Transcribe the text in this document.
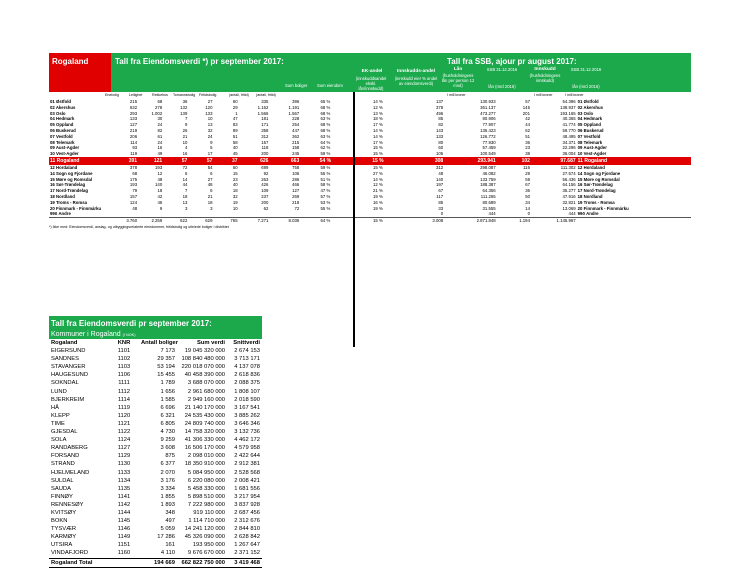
Rogaland	Tall fra Eiendomsverdi *) pr september 2017:
Sum boliger Sum eiendom
Tall fra SSB, ajour pr august 2017:
EK-andel
(innskuddsandel ekskl. lån/innskudd)
Innskudds-andel
(innskudd eier % andel av eiendomsverdi)
Lån
(husholdningens lån per person 12 mnd)
SSB 31.12.2016
lån (mrd 2016)
Innskudd
(husholdningens innskudd)
SSB 31.12.2016
lån (mrd 2016)
Enebolig	Leilighet	Rekkehus Tomannsbolig Fritidsbolig	(antall, fritid) (antall, fritid)	I mill kroner	I mill kroner	I mill kroner
01 Østfold	215	68	36	27	60	335	396	65 %	14 %	137	130.933	57	54.396	01 Østfold
02 Akershus	632	278	132	120	29	1.162	1.191	68 %	12 %	378	361.137	145	138.937	02 Akershus
03 Oslo	293	1.002	139	133	1	1.566	1.567	68 %	13 %	496	473.277	201	193.165	03 Oslo
04 Hedmark	133	30	7	10	47	181	228	63 %	18 %	85	80.906	42	40.365	04 Hedmark
05 Oppland	127	24	9	13	83	171	254	68 %	17 %	82	77.907	44	41.774	05 Oppland
06 Buskerud	219	82	26	32	89	358	447	68 %	14 %	143	136.423	62	59.770	06 Buskerud
07 Vestfold	206	61	21	24	51	312	362	63 %	14 %	133	126.772	51	48.495	07 Vestfold
08 Telemark	114	24	10	9	58	157	215	64 %	17 %	80	77.930	36	34.371	08 Telemark
09 Aust-Agder	93	16	4	5	40	118	158	62 %	15 %	60	57.459	23	22.296	09 Aust-Agder
10 Vest-Agder	119	49	16	17	45	200	245	59 %	15 %	105	100.549	38	36.004	10 Vest-Agder
11 Rogaland	391	121	57	57	37	626	663	54 %	15 %	308	293.941	102	97.687	11 Rogaland
12 Hordaland	378	193	72	54	60	699	758	59 %	15 %	312	298.087	116	111.302	12 Hordaland
14 Sogn og Fjordane	68	12	6	6	15	92	106	55 %	27 %	48	46.082	29	27.574	14 Sogn og Fjordane
15 Møre og Romsdal	175	48	14	27	23	263	286	51 %	14 %	140	133.759	59	56.436	15 Møre og Romsdal
16 Sør-Trøndelag	193	140	44	48	40	426	466	58 %	12 %	197	188.387	67	64.156	16 Sør-Trøndelag
17 Nord-Trøndelag	79	18	7	6	18	109	127	47 %	21 %	67	64.356	36	35.277	17 Nord-Trøndelag
18 Nordland	157	42	18	21	32	237	269	57 %	19 %	117	111.265	50	47.916	18 Nordland
19 Troms - Romsa	124	46	13	18	19	200	218	53 %	16 %	85	80.689	34	32.821	19 Troms - Romsa
20 Finnmark - Finnmárku	48	9	3	3	10	62	72	55 %	19 %	33	31.555	14	13.069	20 Finnmark - Finnmárku
99ö Andre										0	444	0	444	99ö Andre
	3.760	2.259	622	629	765	7.271	8.036	64 %	15 %	3.008	2.871.848	1.194	1.145.967	
*) Ikke med: Eiendomsverdi, anslag- og utbyggingsrelaterte eiendommer, fritidsbolig og utleiede boliger i distriktet
Tall fra Eiendomsverdi pr september 2017:
Kommuner i Rogaland (I NOK)
Rogaland	KNR	Antall boliger	Sum verdi	Snittverdi
EIGERSUND	1101	7 173	19 045 320 000	2 674 153
SANDNES	1102	29 357	108 840 480 000	3 713 171
STAVANGER	1103	53 194	220 018 070 000	4 137 078
HAUGESUND	1106	15 455	40 458 390 000	2 618 836
SOKNDAL	1111	1 789	3 688 070 000	2 088 375
LUND	1112	1 656	2 961 680 000	1 808 107
BJERKREIM	1114	1 585	2 949 160 000	2 018 590
HÅ	1119	6 696	21 140 170 000	3 167 541
KLEPP	1120	6 321	24 535 430 000	3 885 262
TIME	1121	6 805	24 809 740 000	3 646 346
GJESDAL	1122	4 730	14 758 320 000	3 132 736
SOLA	1124	9 259	41 306 330 000	4 462 172
RANDABERG	1127	3 608	16 506 170 000	4 579 958
FORSAND	1129	875	2 098 010 000	2 422 644
STRAND	1130	6 377	18 350 910 000	2 912 381
HJELMELAND	1133	2 070	5 084 950 000	2 528 568
SULDAL	1134	3 176	6 220 080 000	2 008 421
SAUDA	1135	3 334	5 458 330 000	1 681 556
FINNØY	1141	1 855	5 898 510 000	3 217 954
RENNESØY	1142	1 893	7 222 980 000	3 837 928
KVITSØY	1144	348	919 110 000	2 687 456
BOKN	1145	497	1 114 710 000	2 312 676
TYSVÆR	1146	5 059	14 241 120 000	2 844 810
KARMØY	1149	17 286	45 326 090 000	2 628 842
UTSIRA	1151	161	193 950 000	1 267 647
VINDAFJORD	1160	4 110	9 676 670 000	2 371 152
Rogaland Total		194 669	662 822 750 000	3 419 468
